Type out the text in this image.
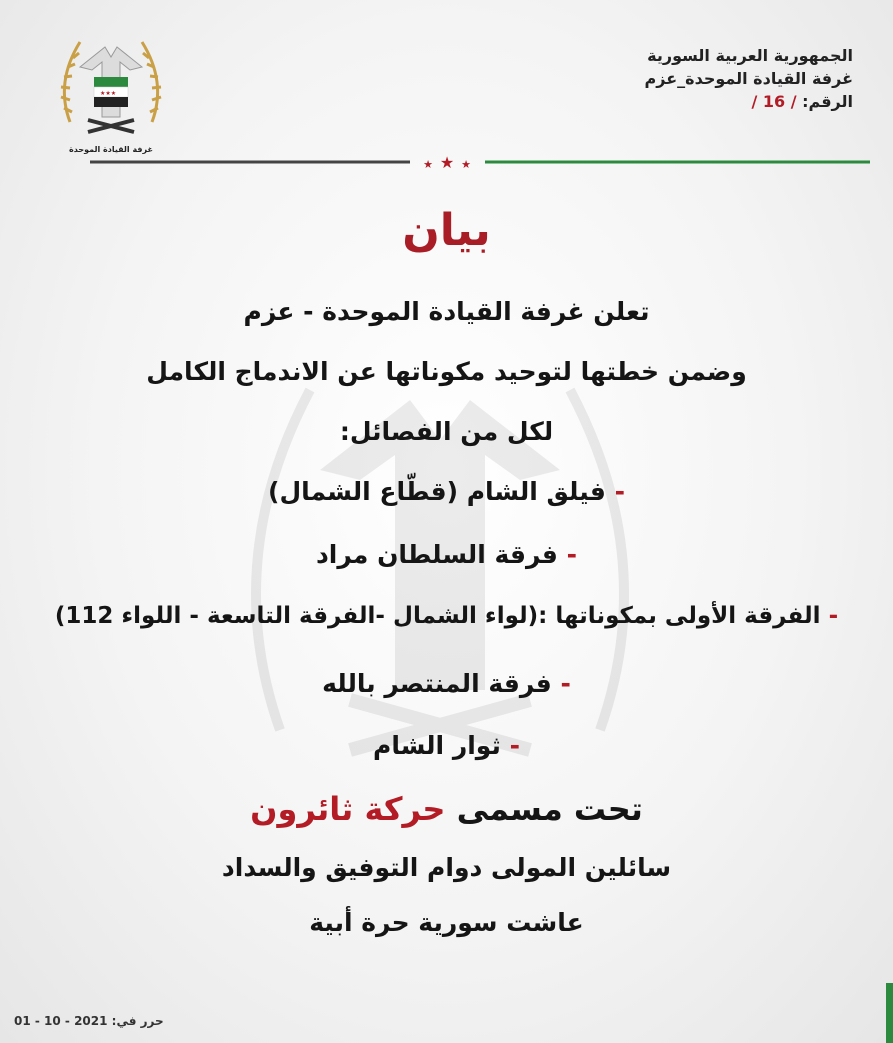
★★★
غرفة القيادة الموحدة
الجمهورية العربية السورية
غرفة القيادة الموحدة_عزم
الرقم: / 16 /
★
★	★
بيان
تعلن غرفة القيادة الموحدة - عزم
وضمن خطتها لتوحيد مكوناتها عن الاندماج الكامل
لكل من الفصائل:
- فيلق الشام (قطّاع الشمال)
- فرقة السلطان مراد
- الفرقة الأولى بمكوناتها :(لواء الشمال -الفرقة التاسعة - اللواء 112)
- فرقة المنتصر بالله
- ثوار الشام
تحت مسمى حركة ثائرون
سائلين المولى دوام التوفيق والسداد
عاشت سورية حرة أبية
حرر في: 01 - 10 - 2021
